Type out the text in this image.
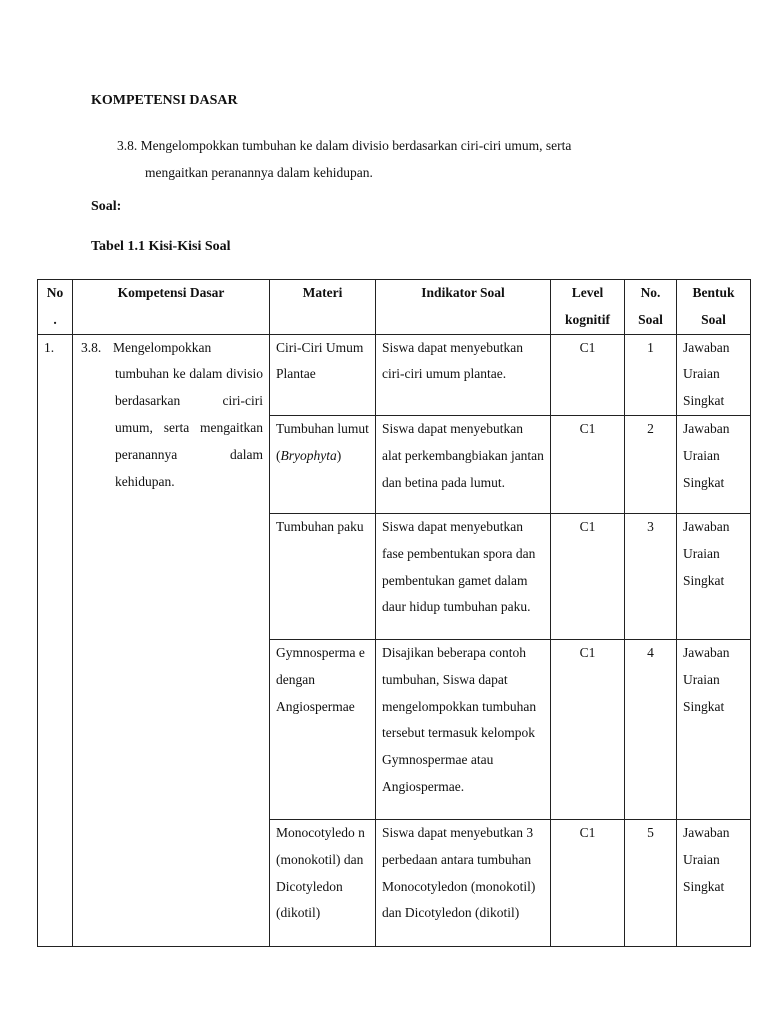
KOMPETENSI DASAR
3.8. Mengelompokkan tumbuhan ke dalam divisio berdasarkan ciri-ciri umum, serta
mengaitkan peranannya dalam kehidupan.
Soal:
Tabel 1.1 Kisi-Kisi Soal
No
.	Kompetensi Dasar	Materi	Indikator Soal	Level kognitif	No. Soal	Bentuk Soal
1.	3.8. Mengelompokkan
tumbuhan ke dalam divisio berdasarkan ciri-ciri umum, serta mengaitkan peranannya dalam kehidupan.	Ciri-Ciri Umum Plantae	Siswa dapat menyebutkan ciri-ciri umum plantae.	C1	1	Jawaban Uraian Singkat
		Tumbuhan lumut (Bryophyta)	Siswa dapat menyebutkan alat perkembangbiakan jantan dan betina pada lumut.	C1	2	Jawaban Uraian Singkat
		Tumbuhan paku	Siswa dapat menyebutkan fase pembentukan spora dan pembentukan gamet dalam daur hidup tumbuhan paku.	C1	3	Jawaban Uraian Singkat
		Gymnosperma e dengan Angiospermae	Disajikan beberapa contoh tumbuhan, Siswa dapat mengelompokkan tumbuhan tersebut termasuk kelompok Gymnospermae atau Angiospermae.	C1	4	Jawaban Uraian Singkat
		Monocotyledo n (monokotil) dan Dicotyledon (dikotil)	Siswa dapat menyebutkan 3 perbedaan antara tumbuhan Monocotyledon (monokotil) dan Dicotyledon (dikotil)	C1	5	Jawaban Uraian Singkat
